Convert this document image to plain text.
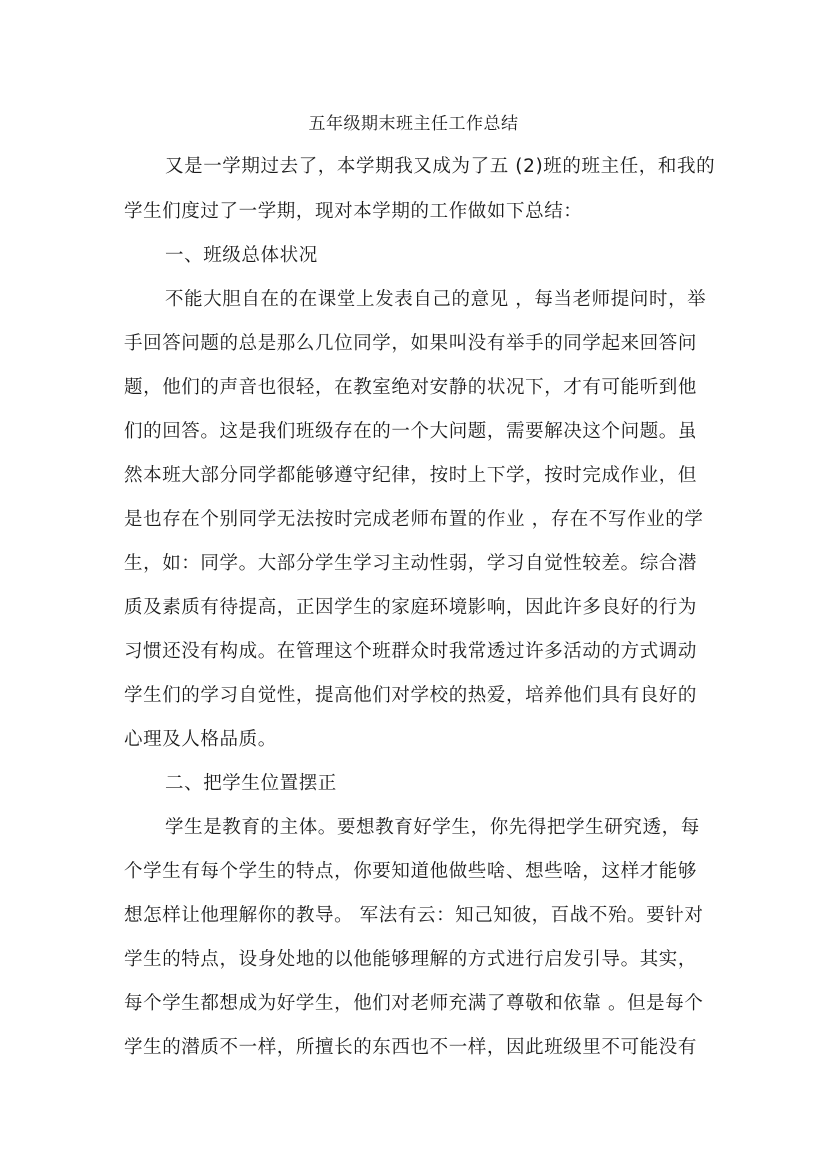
五年级期末班主任工作总结
又是一学期过去了，本学期我又成为了五 (2)班的班主任，和我的
学生们度过了一学期，现对本学期的工作做如下总结：
一、班级总体状况
不能大胆自在的在课堂上发表自己的意见 ，每当老师提问时，举
手回答问题的总是那么几位同学，如果叫没有举手的同学起来回答问
题，他们的声音也很轻，在教室绝对安静的状况下，才有可能听到他
们的回答。这是我们班级存在的一个大问题，需要解决这个问题。虽
然本班大部分同学都能够遵守纪律，按时上下学，按时完成作业，但
是也存在个别同学无法按时完成老师布置的作业 ，存在不写作业的学
生，如：同学。大部分学生学习主动性弱，学习自觉性较差。综合潜
质及素质有待提高，正因学生的家庭环境影响，因此许多良好的行为
习惯还没有构成。在管理这个班群众时我常透过许多活动的方式调动
学生们的学习自觉性，提高他们对学校的热爱，培养他们具有良好的
心理及人格品质。
二、把学生位置摆正
学生是教育的主体。要想教育好学生，你先得把学生研究透，每
个学生有每个学生的特点，你要知道他做些啥、想些啥，这样才能够
想怎样让他理解你的教导。 军法有云：知己知彼，百战不殆。要针对
学生的特点，设身处地的以他能够理解的方式进行启发引导。其实，
每个学生都想成为好学生，他们对老师充满了尊敬和依靠 。但是每个
学生的潜质不一样，所擅长的东西也不一样，因此班级里不可能没有
